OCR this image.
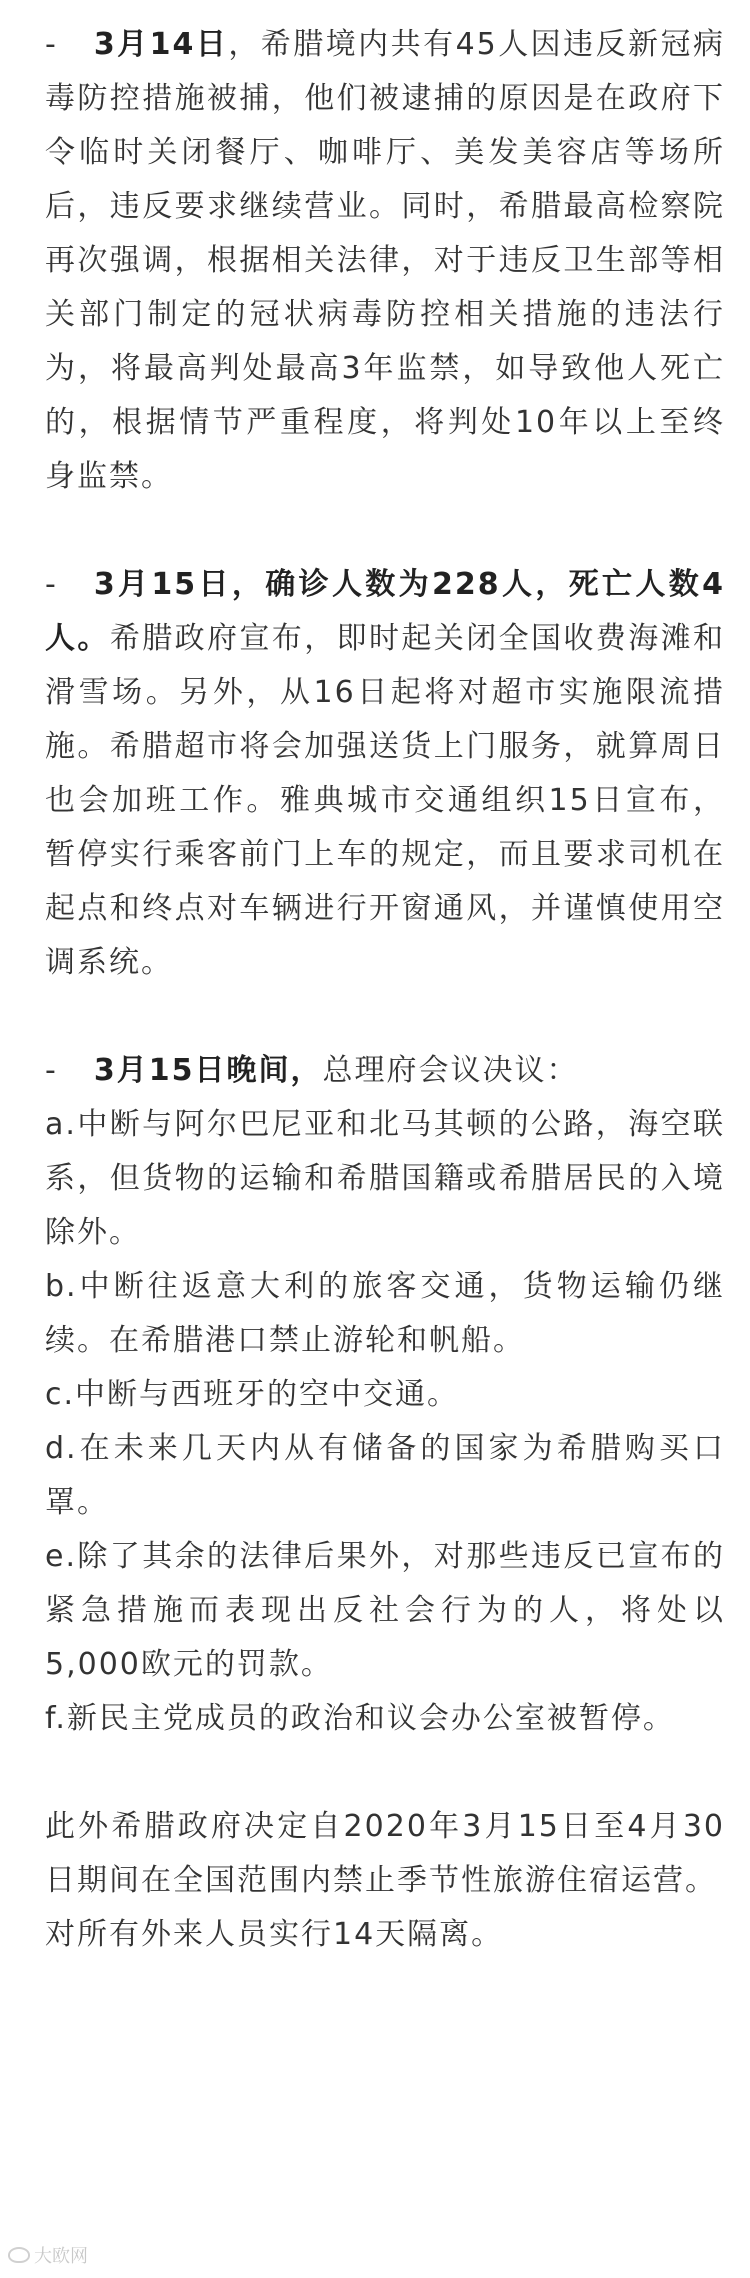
- 3月14日，希腊境内共有45人因违反新冠病毒防控措施被捕，他们被逮捕的原因是在政府下令临时关闭餐厅、咖啡厅、美发美容店等场所后，违反要求继续营业。同时，希腊最高检察院再次强调，根据相关法律，对于违反卫生部等相关部门制定的冠状病毒防控相关措施的违法行为，将最高判处最高3年监禁，如导致他人死亡的，根据情节严重程度，将判处10年以上至终身监禁。

- 3月15日，确诊人数为228人，死亡人数4人。希腊政府宣布，即时起关闭全国收费海滩和滑雪场。另外，从16日起将对超市实施限流措施。希腊超市将会加强送货上门服务，就算周日也会加班工作。雅典城市交通组织15日宣布，暂停实行乘客前门上车的规定，而且要求司机在起点和终点对车辆进行开窗通风，并谨慎使用空调系统。

- 3月15日晚间，总理府会议决议：
a.中断与阿尔巴尼亚和北马其顿的公路，海空联系，但货物的运输和希腊国籍或希腊居民的入境除外。
b.中断往返意大利的旅客交通，货物运输仍继续。在希腊港口禁止游轮和帆船。
c.中断与西班牙的空中交通。
d.在未来几天内从有储备的国家为希腊购买口罩。
e.除了其余的法律后果外，对那些违反已宣布的紧急措施而表现出反社会行为的人，将处以5,000欧元的罚款。
f.新民主党成员的政治和议会办公室被暂停。
此外希腊政府决定自2020年3月15日至4月30日期间在全国范围内禁止季节性旅游住宿运营。
对所有外来人员实行14天隔离。
大欧网
